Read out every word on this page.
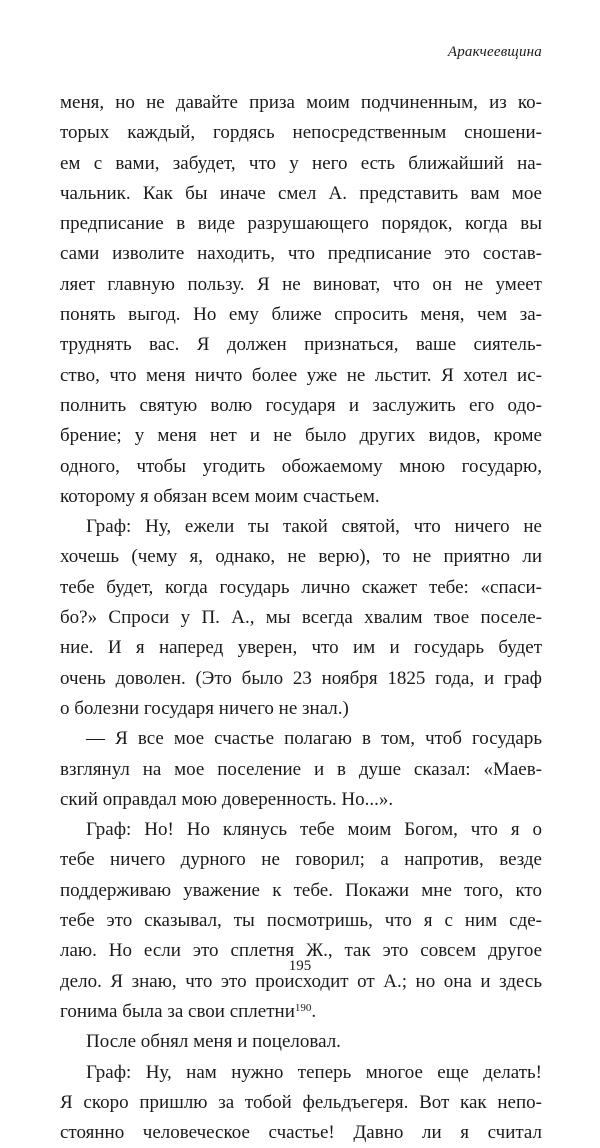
Аракчеевщина
меня, но не давайте приза моим подчиненным, из ко-
торых каждый, гордясь непосредственным сношени-
ем с вами, забудет, что у него есть ближайший на-
чальник. Как бы иначе смел А. представить вам мое
предписание в виде разрушающего порядок, когда вы
сами изволите находить, что предписание это состав-
ляет главную пользу. Я не виноват, что он не умеет
понять выгод. Но ему ближе спросить меня, чем за-
труднять вас. Я должен признаться, ваше сиятель-
ство, что меня ничто более уже не льстит. Я хотел ис-
полнить святую волю государя и заслужить его одо-
брение; у меня нет и не было других видов, кроме
одного, чтобы угодить обожаемому мною государю,
которому я обязан всем моим счастьем.
Граф: Ну, ежели ты такой святой, что ничего не
хочешь (чему я, однако, не верю), то не приятно ли
тебе будет, когда государь лично скажет тебе: «спаси-
бо?» Спроси у П. А., мы всегда хвалим твое поселе-
ние. И я наперед уверен, что им и государь будет
очень доволен. (Это было 23 ноября 1825 года, и граф
о болезни государя ничего не знал.)
— Я все мое счастье полагаю в том, чтоб государь
взглянул на мое поселение и в душе сказал: «Маев-
ский оправдал мою доверенность. Но...».
Граф: Но! Но клянусь тебе моим Богом, что я о
тебе ничего дурного не говорил; а напротив, везде
поддерживаю уважение к тебе. Покажи мне того, кто
тебе это сказывал, ты посмотришь, что я с ним сде-
лаю. Но если это сплетня Ж., так это совсем другое
дело. Я знаю, что это происходит от А.; но она и здесь
гонима была за свои сплетни$^{190}$.
После обнял меня и поцеловал.
Граф: Ну, нам нужно теперь многое еще делать!
Я скоро пришлю за тобой фельдъегеря. Вот как непо-
стоянно человеческое счастье! Давно ли я считал
195
